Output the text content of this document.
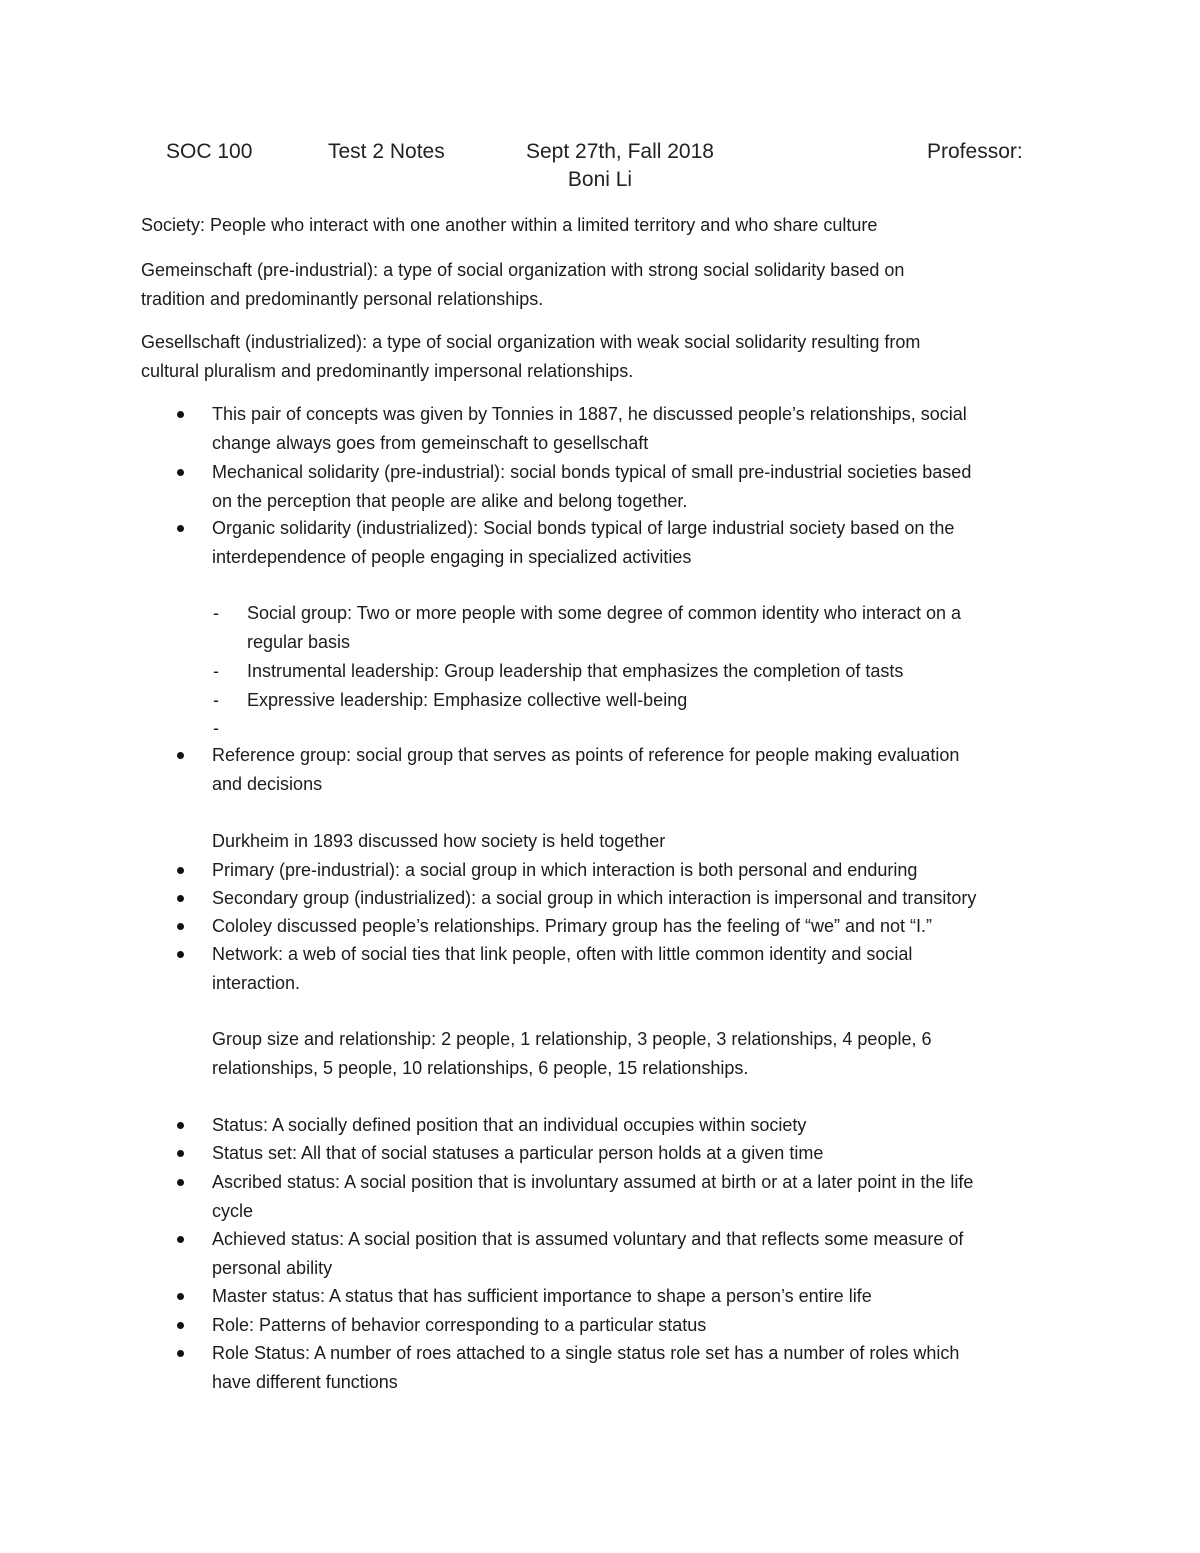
SOC 100	Test 2 Notes	Sept 27th, Fall 2018	Professor:
Boni Li
Society: People who interact with one another within a limited territory and who share culture
Gemeinschaft (pre-industrial): a type of social organization with strong social solidarity based on
tradition and predominantly personal relationships.
Gesellschaft (industrialized): a type of social organization with weak social solidarity resulting from
cultural pluralism and predominantly impersonal relationships.
This pair of concepts was given by Tonnies in 1887, he discussed people’s relationships, social
change always goes from gemeinschaft to gesellschaft
Mechanical solidarity (pre-industrial): social bonds typical of small pre-industrial societies based
on the perception that people are alike and belong together.
Organic solidarity (industrialized): Social bonds typical of large industrial society based on the
interdependence of people engaging in specialized activities
- Social group: Two or more people with some degree of common identity who interact on a
regular basis
- Instrumental leadership: Group leadership that emphasizes the completion of tasts
- Expressive leadership: Emphasize collective well-being
-
Reference group: social group that serves as points of reference for people making evaluation
and decisions
Durkheim in 1893 discussed how society is held together
Primary (pre-industrial): a social group in which interaction is both personal and enduring
Secondary group (industrialized): a social group in which interaction is impersonal and transitory
Cololey discussed people’s relationships. Primary group has the feeling of “we” and not “I.”
Network: a web of social ties that link people, often with little common identity and social
interaction.
Group size and relationship: 2 people, 1 relationship, 3 people, 3 relationships, 4 people, 6
relationships, 5 people, 10 relationships, 6 people, 15 relationships.
Status: A socially defined position that an individual occupies within society
Status set: All that of social statuses a particular person holds at a given time
Ascribed status: A social position that is involuntary assumed at birth or at a later point in the life
cycle
Achieved status: A social position that is assumed voluntary and that reflects some measure of
personal ability
Master status: A status that has sufficient importance to shape a person’s entire life
Role: Patterns of behavior corresponding to a particular status
Role Status: A number of roes attached to a single status role set has a number of roles which
have different functions
